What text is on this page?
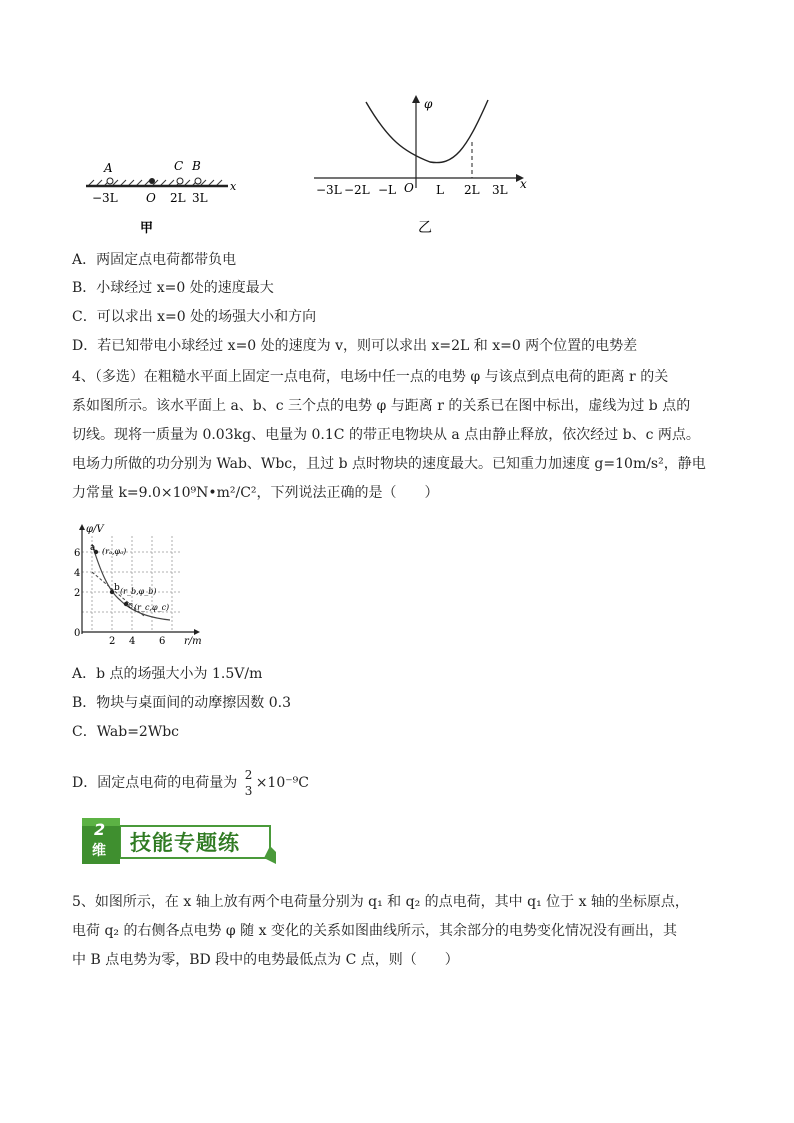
A	C B
x
−3L O 2L 3L
甲
φ
x
−3L −2L −L O L 2L 3L
乙
A．两固定点电荷都带负电
B．小球经过 x=0 处的速度最大
C．可以求出 x=0 处的场强大小和方向
D．若已知带电小球经过 x=0 处的速度为 v，则可以求出 x=2L 和 x=0 两个位置的电势差
4、（多选）在粗糙水平面上固定一点电荷，电场中任一点的电势 φ 与该点到点电荷的距离 r 的关
系如图所示。该水平面上 a、b、c 三个点的电势 φ 与距离 r 的关系已在图中标出，虚线为过 b 点的
切线。现将一质量为 0.03kg、电量为 0.1C 的带正电物块从 a 点由静止释放，依次经过 b、c 两点。
电场力所做的功分别为 Wab、Wbc，且过 b 点时物块的速度最大。已知重力加速度 g=10m/s²，静电
力常量 k=9.0×10⁹N•m²/C²，下列说法正确的是（　　）
φ/V
r/m
6
4
2
0
2 4 6
a
b
c
(rₐ,φₐ)
(r_b,φ_b)
(r_c,φ_c)
A．b 点的场强大小为 1.5V/m
B．物块与桌面间的动摩擦因数 0.3
C．Wab=2Wbc
D．固定点电荷的电荷量为 2
3 ×10⁻⁹C
2
维 技能专题练
5、如图所示，在 x 轴上放有两个电荷量分别为 q₁ 和 q₂ 的点电荷，其中 q₁ 位于 x 轴的坐标原点，
电荷 q₂ 的右侧各点电势 φ 随 x 变化的关系如图曲线所示，其余部分的电势变化情况没有画出，其
中 B 点电势为零，BD 段中的电势最低点为 C 点，则（　　）
